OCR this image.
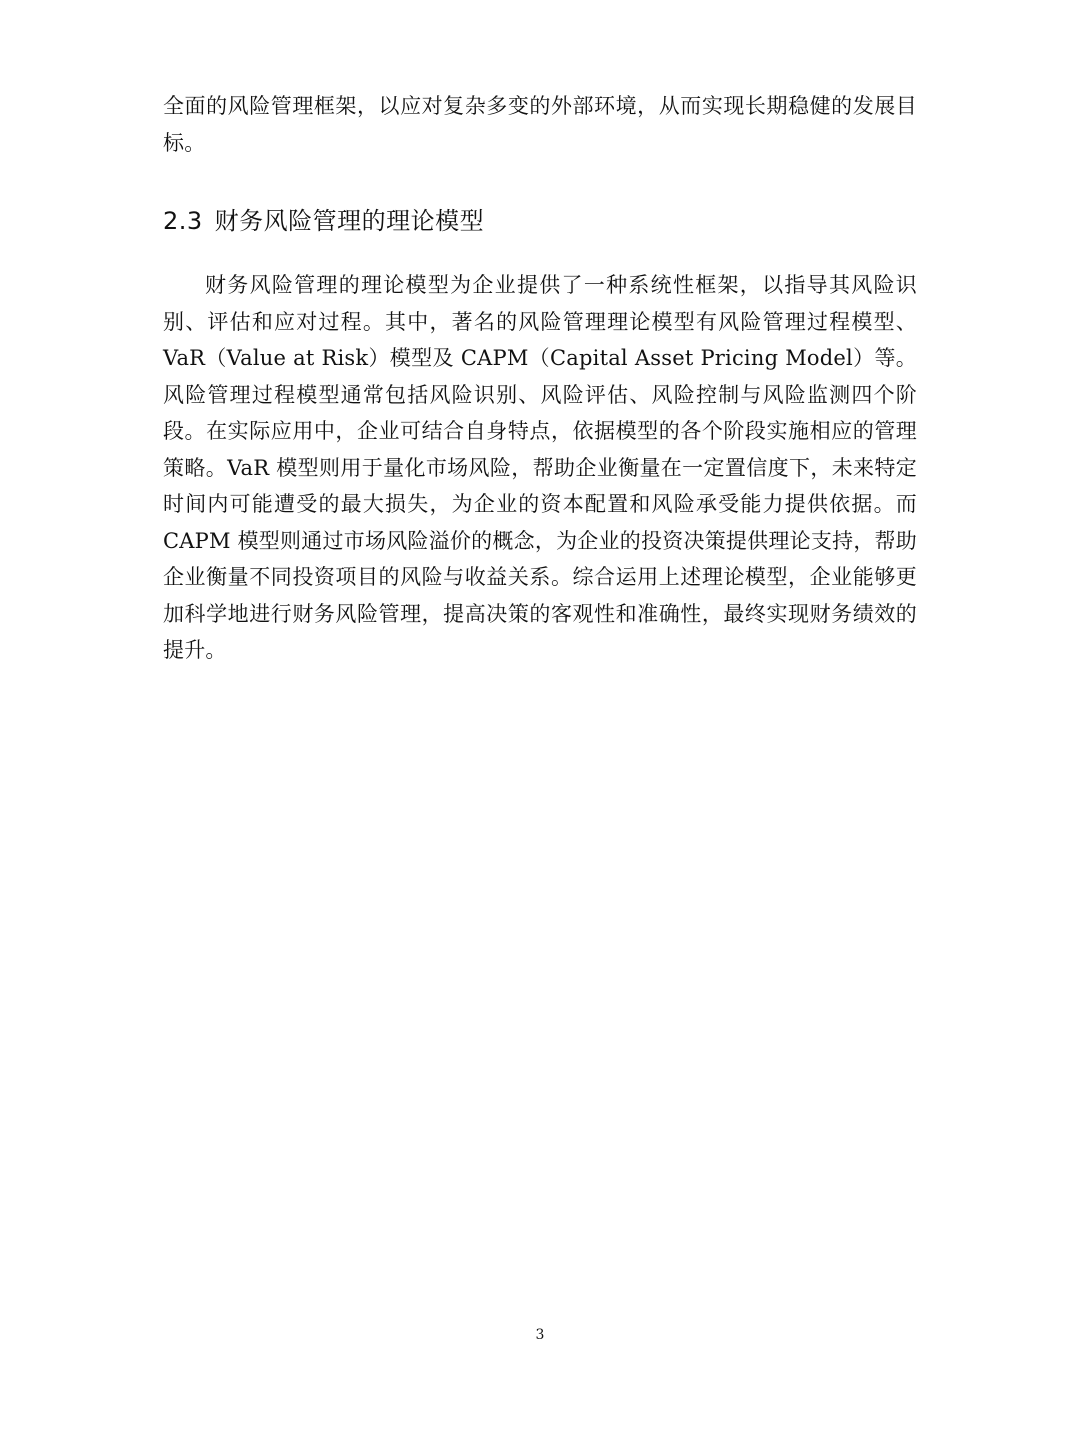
全面的风险管理框架，以应对复杂多变的外部环境，从而实现长期稳健的发展目标。

2.3 财务风险管理的理论模型

财务风险管理的理论模型为企业提供了一种系统性框架，以指导其风险识别、评估和应对过程。其中，著名的风险管理理论模型有风险管理过程模型、VaR（Value at Risk）模型及 CAPM（Capital Asset Pricing Model）等。风险管理过程模型通常包括风险识别、风险评估、风险控制与风险监测四个阶段。在实际应用中，企业可结合自身特点，依据模型的各个阶段实施相应的管理策略。VaR 模型则用于量化市场风险，帮助企业衡量在一定置信度下，未来特定时间内可能遭受的最大损失，为企业的资本配置和风险承受能力提供依据。而 CAPM 模型则通过市场风险溢价的概念，为企业的投资决策提供理论支持，帮助企业衡量不同投资项目的风险与收益关系。综合运用上述理论模型，企业能够更加科学地进行财务风险管理，提高决策的客观性和准确性，最终实现财务绩效的提升。

3
